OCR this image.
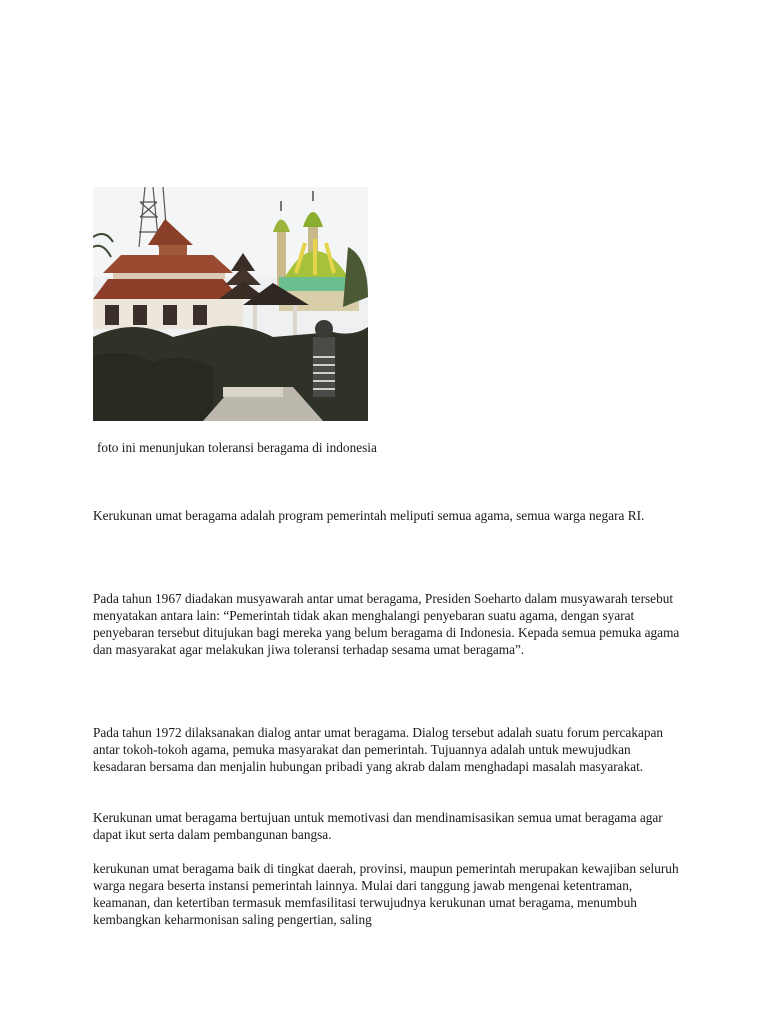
foto ini menunjukan toleransi beragama di indonesia

Kerukunan umat beragama adalah program pemerintah meliputi semua agama, semua warga negara RI.

Pada tahun 1967 diadakan musyawarah antar umat beragama, Presiden Soeharto dalam musyawarah tersebut menyatakan antara lain: “Pemerintah tidak akan menghalangi penyebaran suatu agama, dengan syarat penyebaran tersebut ditujukan bagi mereka yang belum beragama di Indonesia. Kepada semua pemuka agama dan masyarakat agar melakukan jiwa toleransi terhadap sesama umat beragama”.

Pada tahun 1972 dilaksanakan dialog antar umat beragama. Dialog tersebut adalah suatu forum percakapan antar tokoh-tokoh agama, pemuka masyarakat dan pemerintah. Tujuannya adalah untuk mewujudkan kesadaran bersama dan menjalin hubungan pribadi yang akrab dalam menghadapi masalah masyarakat.

Kerukunan umat beragama bertujuan untuk memotivasi dan mendinamisasikan semua umat beragama agar dapat ikut serta dalam pembangunan bangsa.

kerukunan umat beragama baik di tingkat daerah, provinsi, maupun pemerintah merupakan kewajiban seluruh warga negara beserta instansi pemerintah lainnya. Mulai dari tanggung jawab mengenai ketentraman, keamanan, dan ketertiban termasuk memfasilitasi terwujudnya kerukunan umat beragama, menumbuh kembangkan keharmonisan saling pengertian, saling
